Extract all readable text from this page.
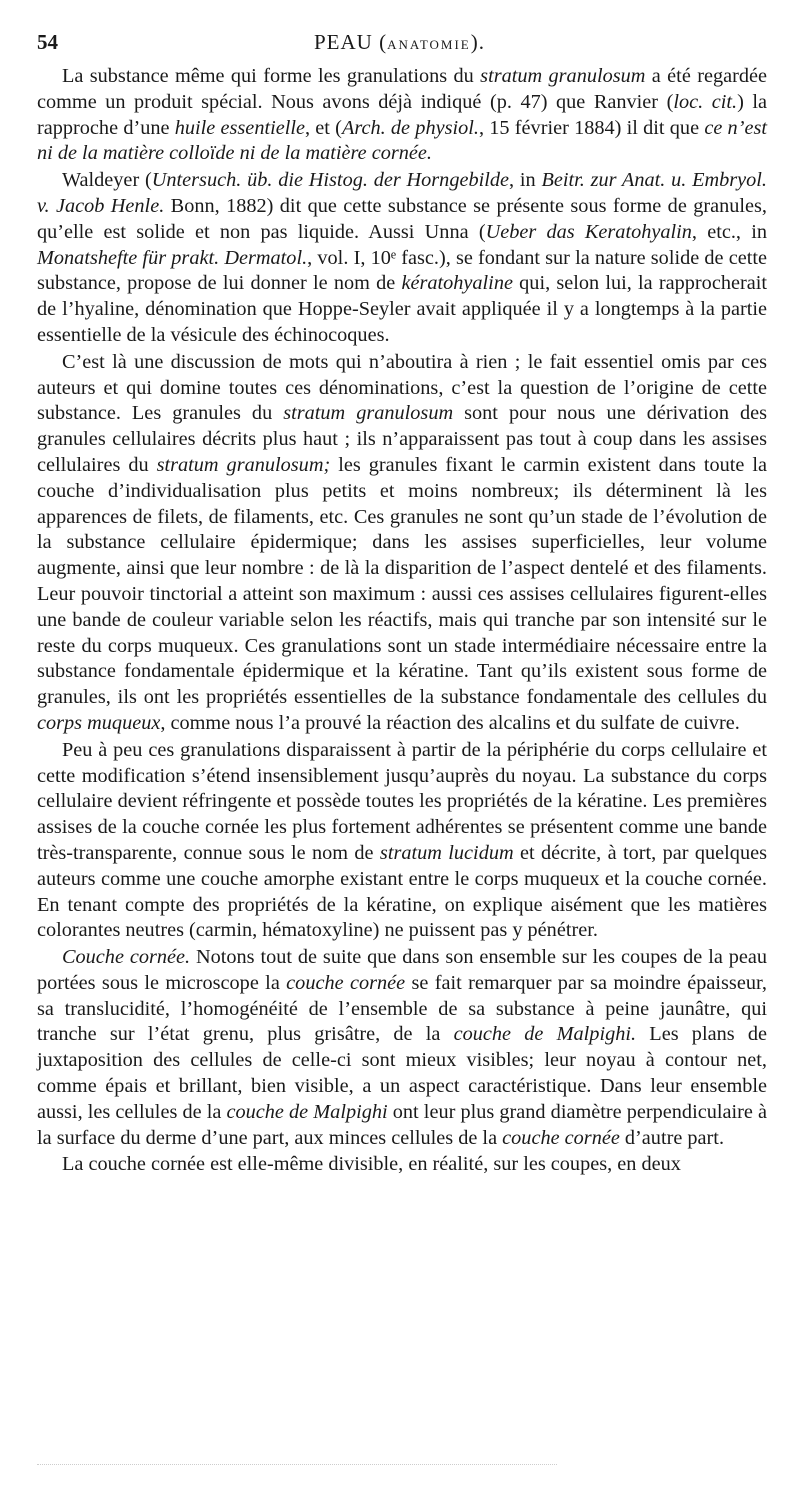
54	PEAU (ANATOMIE).

La substance même qui forme les granulations du stratum granulosum a été regardée comme un produit spécial. Nous avons déjà indiqué (p. 47) que Ranvier (loc. cit.) la rapproche d’une huile essentielle, et (Arch. de physiol., 15 février 1884) il dit que ce n’est ni de la matière colloïde ni de la matière cornée.

Waldeyer (Untersuch. üb. die Histog. der Horngebilde, in Beitr. zur Anat. u. Embryol. v. Jacob Henle. Bonn, 1882) dit que cette substance se présente sous forme de granules, qu’elle est solide et non pas liquide. Aussi Unna (Ueber das Keratohyalin, etc., in Monatshefte für prakt. Dermatol., vol. I, 10ᵉ fasc.), se fondant sur la nature solide de cette substance, propose de lui donner le nom de kératohyaline qui, selon lui, la rapprocherait de l’hyaline, dénomination que Hoppe-Seyler avait appliquée il y a longtemps à la partie essentielle de la vésicule des échinocoques.

C’est là une discussion de mots qui n’aboutira à rien ; le fait essentiel omis par ces auteurs et qui domine toutes ces dénominations, c’est la question de l’origine de cette substance. Les granules du stratum granulosum sont pour nous une dérivation des granules cellulaires décrits plus haut ; ils n’apparaissent pas tout à coup dans les assises cellulaires du stratum granulosum; les granules fixant le carmin existent dans toute la couche d’individualisation plus petits et moins nombreux; ils déterminent là les apparences de filets, de filaments, etc. Ces granules ne sont qu’un stade de l’évolution de la substance cellulaire épidermique; dans les assises superficielles, leur volume augmente, ainsi que leur nombre : de là la disparition de l’aspect dentelé et des filaments. Leur pouvoir tinctorial a atteint son maximum : aussi ces assises cellulaires figurent-elles une bande de couleur variable selon les réactifs, mais qui tranche par son intensité sur le reste du corps muqueux. Ces granulations sont un stade intermédiaire nécessaire entre la substance fondamentale épidermique et la kératine. Tant qu’ils existent sous forme de granules, ils ont les propriétés essentielles de la substance fondamentale des cellules du corps muqueux, comme nous l’a prouvé la réaction des alcalins et du sulfate de cuivre.

Peu à peu ces granulations disparaissent à partir de la périphérie du corps cellulaire et cette modification s’étend insensiblement jusqu’auprès du noyau. La substance du corps cellulaire devient réfringente et possède toutes les propriétés de la kératine. Les premières assises de la couche cornée les plus fortement adhérentes se présentent comme une bande très-transparente, connue sous le nom de stratum lucidum et décrite, à tort, par quelques auteurs comme une couche amorphe existant entre le corps muqueux et la couche cornée. En tenant compte des propriétés de la kératine, on explique aisément que les matières colorantes neutres (carmin, hématoxyline) ne puissent pas y pénétrer.

Couche cornée. Notons tout de suite que dans son ensemble sur les coupes de la peau portées sous le microscope la couche cornée se fait remarquer par sa moindre épaisseur, sa translucidité, l’homogénéité de l’ensemble de sa substance à peine jaunâtre, qui tranche sur l’état grenu, plus grisâtre, de la couche de Malpighi. Les plans de juxtaposition des cellules de celle-ci sont mieux visibles; leur noyau à contour net, comme épais et brillant, bien visible, a un aspect caractéristique. Dans leur ensemble aussi, les cellules de la couche de Malpighi ont leur plus grand diamètre perpendiculaire à la surface du derme d’une part, aux minces cellules de la couche cornée d’autre part.

La couche cornée est elle-même divisible, en réalité, sur les coupes, en deux
